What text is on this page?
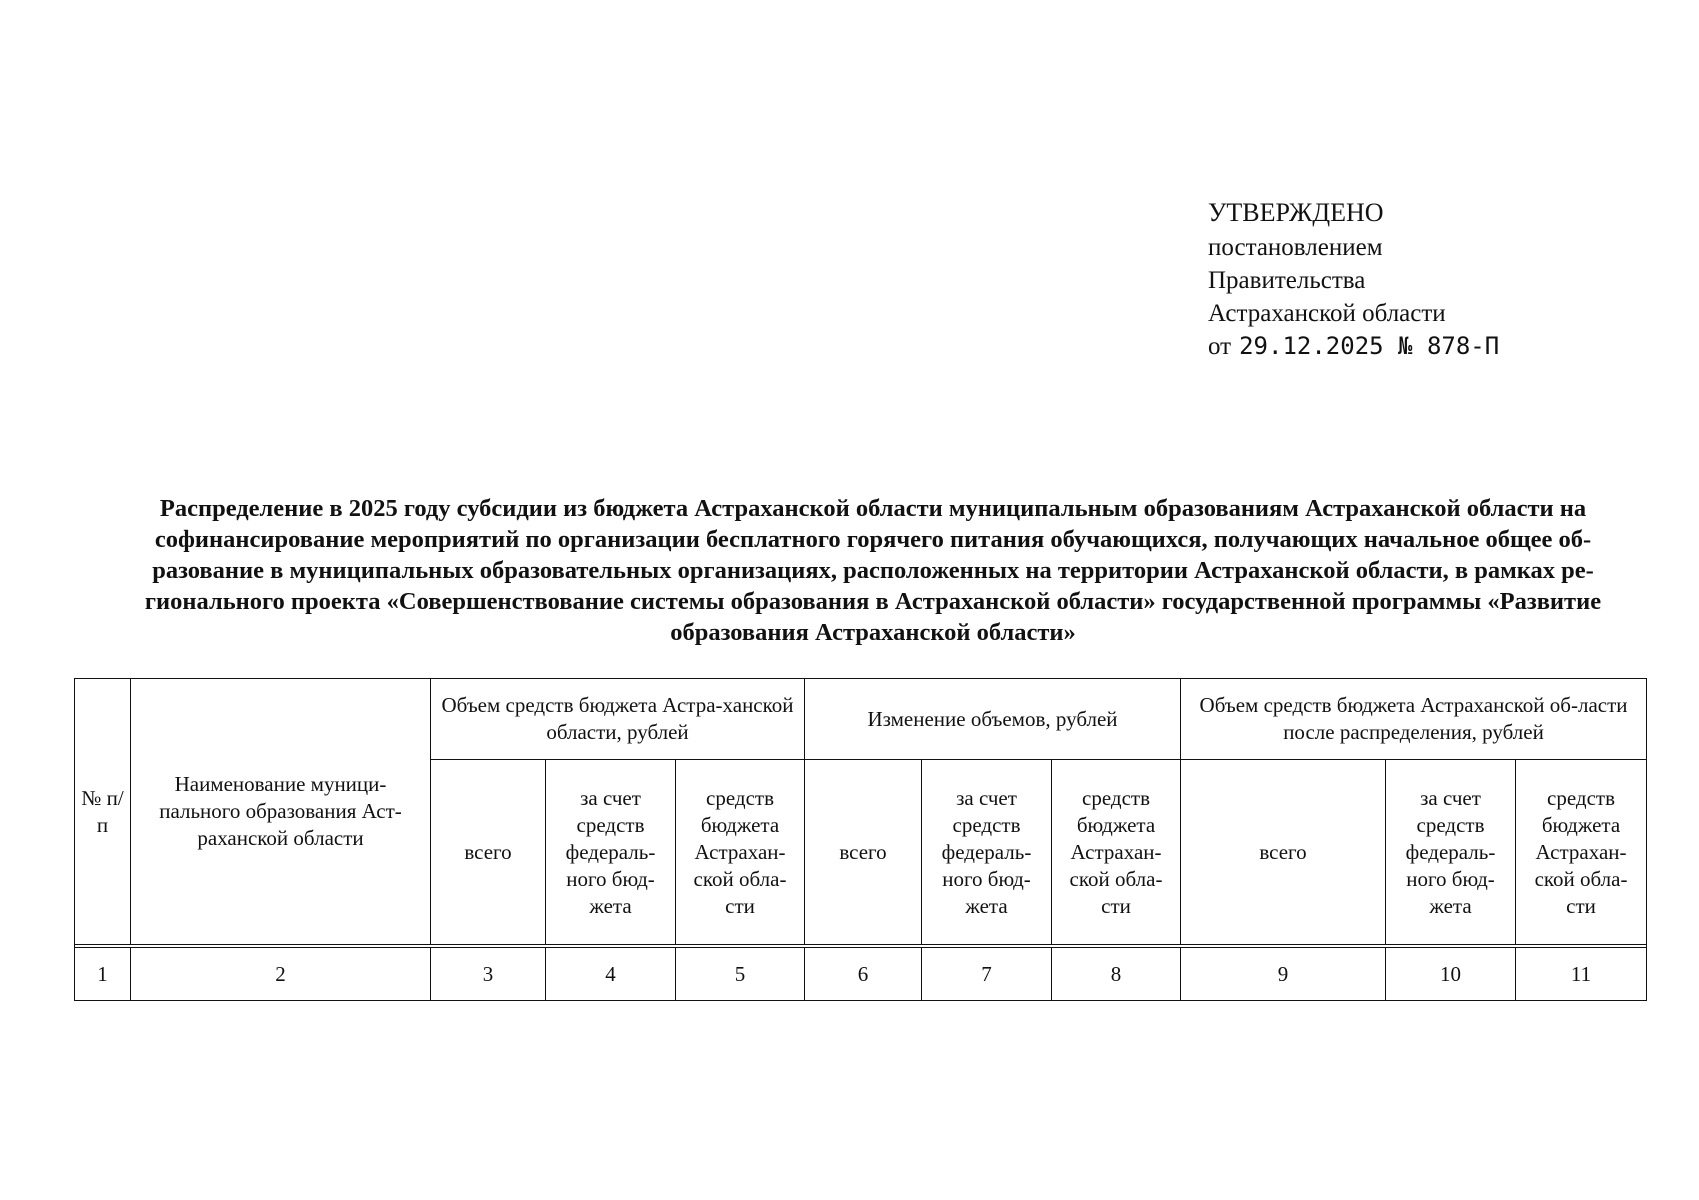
УТВЕРЖДЕНО
постановлением
Правительства
Астраханской области
от 29.12.2025 № 878-П
Распределение в 2025 году субсидии из бюджета Астраханской области муниципальным образованиям Астраханской области на
софинансирование мероприятий по организации бесплатного горячего питания обучающихся, получающих начальное общее об-
разование в муниципальных образовательных организациях, расположенных на территории Астраханской области, в рамках ре-
гионального проекта «Совершенствование системы образования в Астраханской области» государственной программы «Развитие
образования Астраханской области»
№ п/п	Наименование муници-пального образования Аст-раханской области	Объем средств бюджета Астра-ханской области, рублей			Изменение объемов, рублей			Объем средств бюджета Астраханской об-ласти после распределения, рублей		
		всего	за счет средств федераль-ного бюд-жета	средств бюджета Астрахан-ской обла-сти	всего	за счет средств федераль-ного бюд-жета	средств бюджета Астрахан-ской обла-сти	всего	за счет средств федераль-ного бюд-жета	средств бюджета Астрахан-ской обла-сти

1	2	3	4	5	6	7	8	9	10	11
